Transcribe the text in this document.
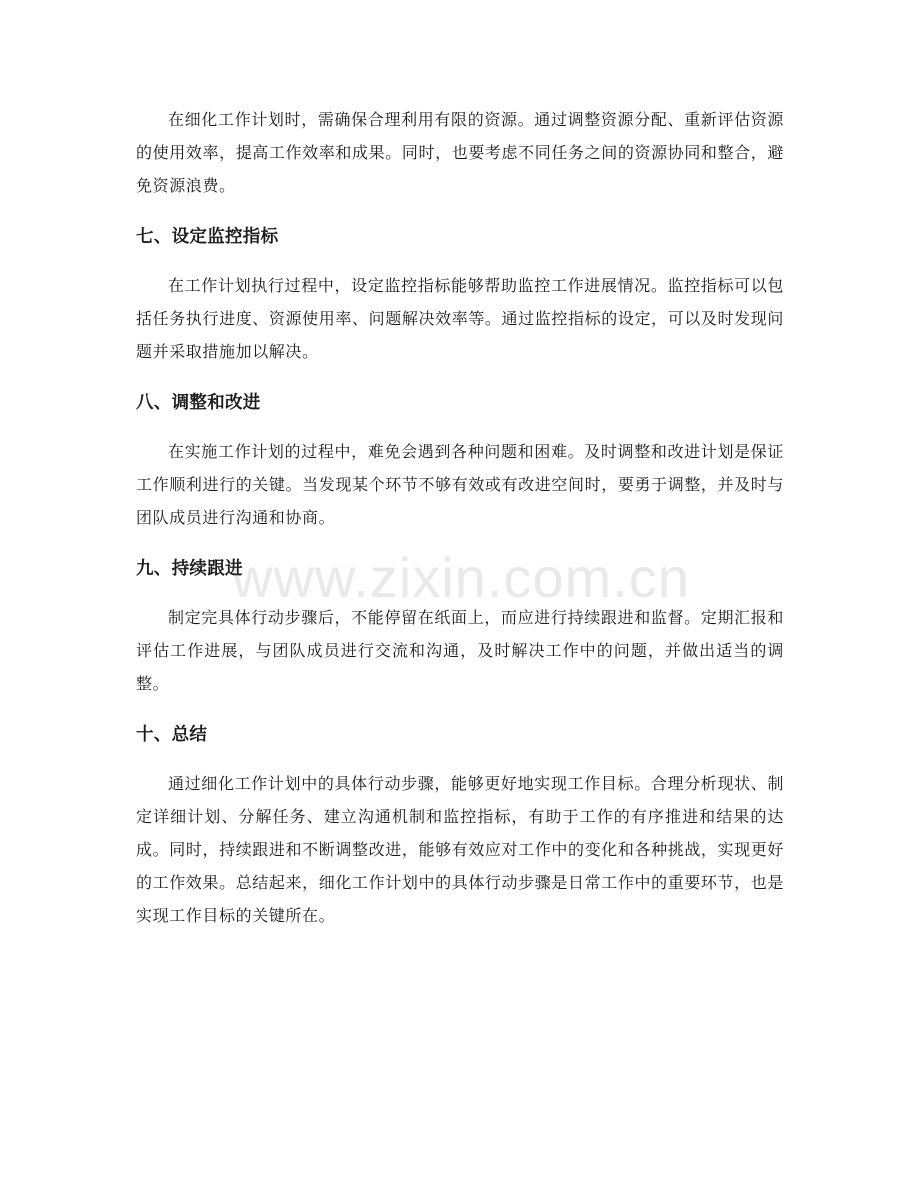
在细化工作计划时，需确保合理利用有限的资源。通过调整资源分配、重新评估资源的使用效率，提高工作效率和成果。同时，也要考虑不同任务之间的资源协同和整合，避免资源浪费。

七、设定监控指标

在工作计划执行过程中，设定监控指标能够帮助监控工作进展情况。监控指标可以包括任务执行进度、资源使用率、问题解决效率等。通过监控指标的设定，可以及时发现问题并采取措施加以解决。

八、调整和改进

在实施工作计划的过程中，难免会遇到各种问题和困难。及时调整和改进计划是保证工作顺利进行的关键。当发现某个环节不够有效或有改进空间时，要勇于调整，并及时与团队成员进行沟通和协商。

九、持续跟进

制定完具体行动步骤后，不能停留在纸面上，而应进行持续跟进和监督。定期汇报和评估工作进展，与团队成员进行交流和沟通，及时解决工作中的问题，并做出适当的调整。

十、总结

通过细化工作计划中的具体行动步骤，能够更好地实现工作目标。合理分析现状、制定详细计划、分解任务、建立沟通机制和监控指标，有助于工作的有序推进和结果的达成。同时，持续跟进和不断调整改进，能够有效应对工作中的变化和各种挑战，实现更好的工作效果。总结起来，细化工作计划中的具体行动步骤是日常工作中的重要环节，也是实现工作目标的关键所在。

www.zixin.com.cn
